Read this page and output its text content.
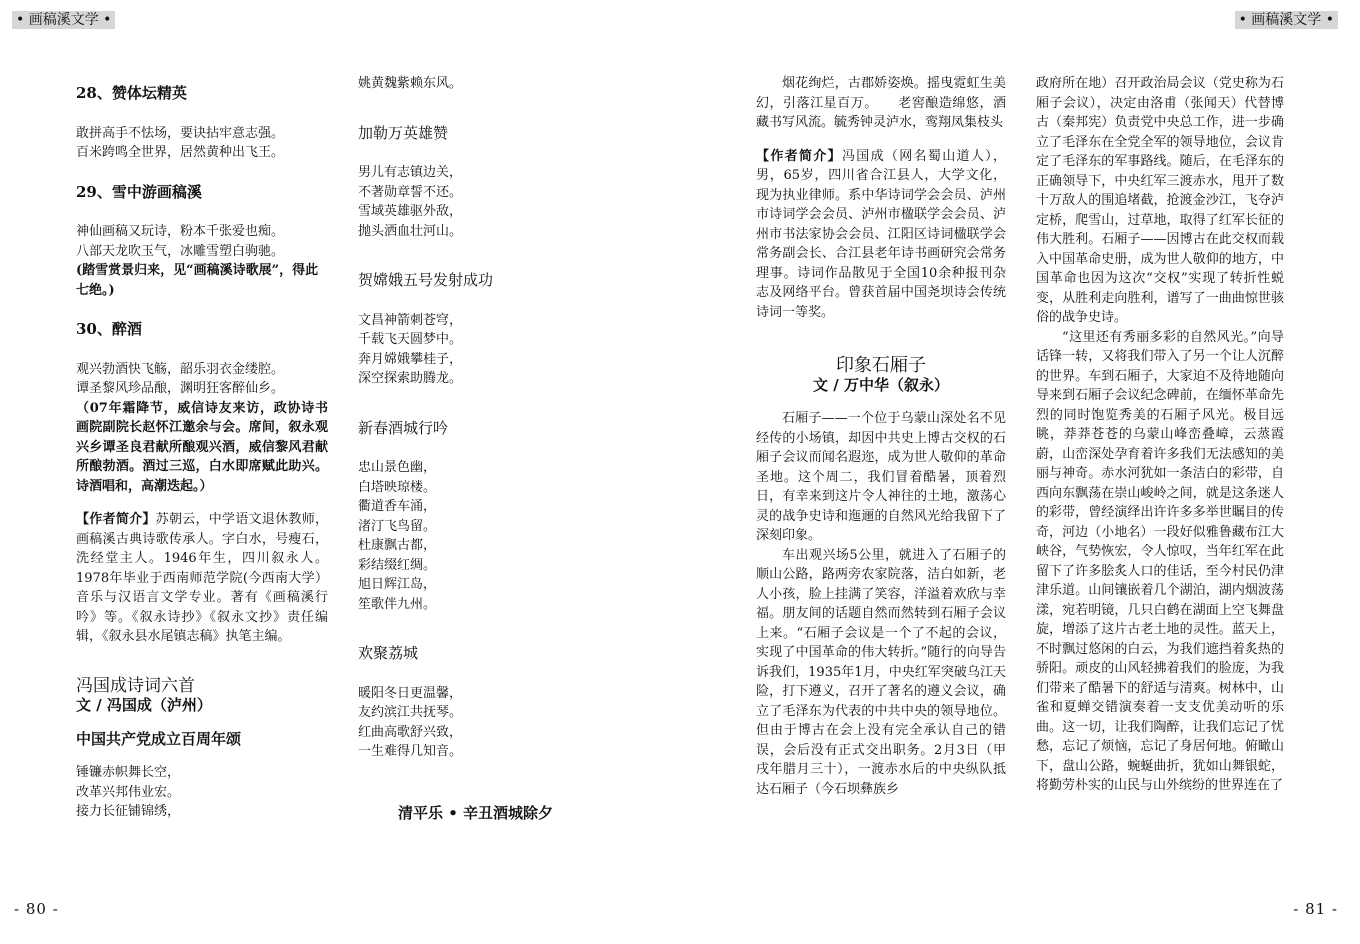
• 画稿溪文学 •	• 画稿溪文学 •

28、赞体坛精英

敢拼高手不怯场，要诀拈牢意志强。

百米跨鸣全世界，居然黄种出飞王。

29、雪中游画稿溪

神仙画稿又玩诗，粉本千张爱也痴。

八部天龙吹玉气，冰雕雪塑白驹驰。

(踏雪赏景归来，见“画稿溪诗歌展”，得此七绝。)

30、醉酒

观兴勃酒快飞觞，韶乐羽衣金缕腔。

谭圣黎风珍品酿，渊明狂客醉仙乡。

（07年霜降节，威信诗友来访，政协诗书画院副院长赵怀江邀余与会。席间，叙永观兴乡谭圣良君献所酿观兴酒，威信黎风君献所酿勃酒。酒过三巡，白水即席赋此助兴。诗酒唱和，高潮迭起。）

【作者简介】苏朝云，中学语文退休教师，画稿溪古典诗歌传承人。字白水，号瘦石，洗经堂主人。1946年生，四川叙永人。1978年毕业于西南师范学院(今西南大学）音乐与汉语言文学专业。著有《画稿溪行吟》等。《叙永诗抄》《叙永文抄》责任编辑，《叙永县水尾镇志稿》执笔主编。

冯国成诗词六首

文 / 冯国成（泸州）

中国共产党成立百周年颂

锤镰赤帜舞长空，

改革兴邦伟业宏。

接力长征铺锦绣，

姚黄魏紫赖东风。

加勒万英雄赞

男儿有志镇边关，

不著勋章誓不还。

雪域英雄驱外敌，

抛头洒血壮河山。

贺嫦娥五号发射成功

文昌神箭刺苍穹，

千载飞天圆梦中。

奔月嫦娥攀桂子，

深空探索助腾龙。

新春酒城行吟

忠山景色幽，

白塔映琼楼。

衢道香车涌，

渚汀飞鸟留。

杜康飘古都，

彩结缀红绸。

旭日辉江岛，

笙歌伴九州。

欢聚荔城

暖阳冬日更温馨，

友约滨江共抚琴。

红曲高歌舒兴致，

一生难得几知音。

清平乐 • 辛丑酒城除夕

烟花绚烂，古郡娇姿焕。摇曳霓虹生美幻，引落江星百万。　　老窖酿造绵悠，酒藏书写风流。毓秀钟灵泸水，鸾翔凤集枝头

【作者简介】冯国成（网名蜀山道人），男，65岁，四川省合江县人，大学文化，现为执业律师。系中华诗词学会会员、泸州市诗词学会会员、泸州市楹联学会会员、泸州市书法家协会会员、江阳区诗词楹联学会常务副会长、合江县老年诗书画研究会常务理事。诗词作品散见于全国10余种报刊杂志及网络平台。曾获首届中国尧坝诗会传统诗词一等奖。

印象石厢子

文 / 万中华（叙永）

石厢子——一个位于乌蒙山深处名不见经传的小场镇，却因中共史上博古交权的石厢子会议而闻名遐迩，成为世人敬仰的革命圣地。这个周二，我们冒着酷暑，顶着烈日，有幸来到这片令人神往的土地，激荡心灵的战争史诗和迤逦的自然风光给我留下了深刻印象。

车出观兴场5公里，就进入了石厢子的顺山公路，路两旁农家院落，洁白如新，老人小孩，脸上挂满了笑容，洋溢着欢欣与幸福。朋友间的话题自然而然转到石厢子会议上来。“石厢子会议是一个了不起的会议，实现了中国革命的伟大转折。”随行的向导告诉我们，1935年1月，中央红军突破乌江天险，打下遵义，召开了著名的遵义会议，确立了毛泽东为代表的中共中央的领导地位。但由于博古在会上没有完全承认自己的错误，会后没有正式交出职务。2月3日（甲戌年腊月三十），一渡赤水后的中央纵队抵达石厢子（今石坝彝族乡

政府所在地）召开政治局会议（党史称为石厢子会议），决定由洛甫（张闻天）代替博古（秦邦宪）负责党中央总工作，进一步确立了毛泽东在全党全军的领导地位，会议肯定了毛泽东的军事路线。随后，在毛泽东的正确领导下，中央红军三渡赤水，甩开了数十万敌人的围追堵截，抢渡金沙江，飞夺泸定桥，爬雪山，过草地，取得了红军长征的伟大胜利。石厢子——因博古在此交权而载入中国革命史册，成为世人敬仰的地方，中国革命也因为这次“交权”实现了转折性蜕变，从胜利走向胜利，谱写了一曲曲惊世骇俗的战争史诗。

“这里还有秀丽多彩的自然风光。”向导话锋一转，又将我们带入了另一个让人沉醉的世界。车到石厢子，大家迫不及待地随向导来到石厢子会议纪念碑前，在缅怀革命先烈的同时饱览秀美的石厢子风光。极目远眺，莽莽苍苍的乌蒙山峰峦叠嶂，云蒸霞蔚，山峦深处孕育着许多我们无法感知的美丽与神奇。赤水河犹如一条洁白的彩带，自西向东飘荡在崇山峻岭之间，就是这条迷人的彩带，曾经演绎出许许多多举世瞩目的传奇，河边（小地名）一段好似雅鲁藏布江大峡谷，气势恢宏，令人惊叹，当年红军在此留下了许多脍炙人口的佳话，至今村民仍津津乐道。山间镶嵌着几个湖泊，湖内烟波荡漾，宛若明镜，几只白鹤在湖面上空飞舞盘旋，增添了这片古老土地的灵性。蓝天上，不时飘过悠闲的白云，为我们遮挡着炙热的骄阳。顽皮的山风轻拂着我们的脸庞，为我们带来了酷暑下的舒适与清爽。树林中，山雀和夏蝉交错演奏着一支支优美动听的乐曲。这一切，让我们陶醉，让我们忘记了忧愁，忘记了烦恼，忘记了身居何地。俯瞰山下，盘山公路，蜿蜒曲折，犹如山舞银蛇，将勤劳朴实的山民与山外缤纷的世界连在了

- 80 -	- 81 -
